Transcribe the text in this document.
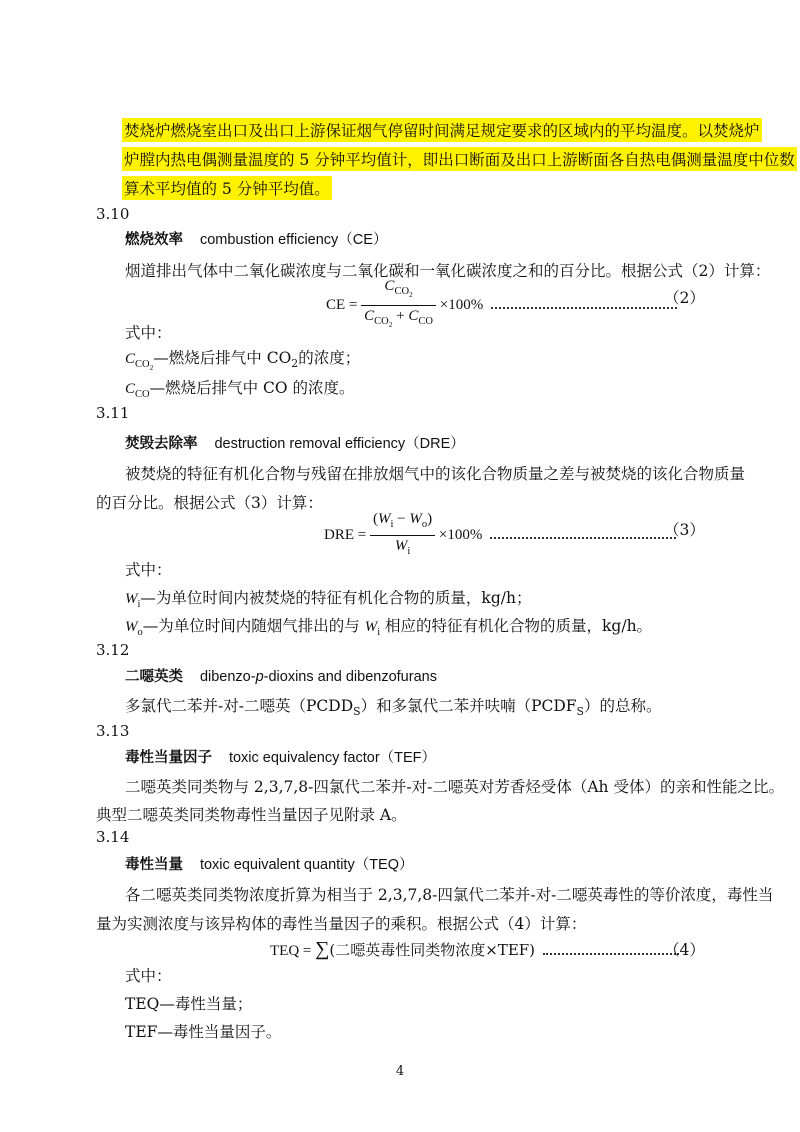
焚烧炉燃烧室出口及出口上游保证烟气停留时间满足规定要求的区域内的平均温度。以焚烧炉
炉膛内热电偶测量温度的 5 分钟平均值计，即出口断面及出口上游断面各自热电偶测量温度中位数
算术平均值的 5 分钟平均值。
3.10
燃烧效率 combustion efficiency（CE）
烟道排出气体中二氧化碳浓度与二氧化碳和一氧化碳浓度之和的百分比。根据公式（2）计算：
CE = $\frac{C_{CO_2}}{C_{CO_2} + C_{CO}} \times 100\%$	（2）
式中：
$C_{CO_2}—$燃烧后排气中 $CO_2$的浓度；
$C_{CO}—$燃烧后排气中 CO 的浓度。
3.11
焚毁去除率 destruction removal efficiency（DRE）
被焚烧的特征有机化合物与残留在排放烟气中的该化合物质量之差与被焚烧的该化合物质量
的百分比。根据公式（3）计算：
DRE = $\frac{(W_i - W_o)}{W_i} \times 100\%$	（3）
式中：
$W_i—$为单位时间内被焚烧的特征有机化合物的质量，kg/h；
$W_o—$为单位时间内随烟气排出的与 $W_i$ 相应的特征有机化合物的质量，kg/h。
3.12
二噁英类 dibenzo-p-dioxins and dibenzofurans
多氯代二苯并-对-二噁英$(PCDD_S)$和多氯代二苯并呋喃$(PCDF_S)$的总称。
3.13
毒性当量因子 toxic equivalency factor（TEF）
二噁英类同类物与 2,3,7,8-四氯代二苯并-对-二噁英对芳香烃受体（Ah 受体）的亲和性能之比。
典型二噁英类同类物毒性当量因子见附录 A。
3.14
毒性当量 toxic equivalent quantity（TEQ）
各二噁英类同类物浓度折算为相当于 2,3,7,8-四氯代二苯并-对-二噁英毒性的等价浓度，毒性当
量为实测浓度与该异构体的毒性当量因子的乘积。根据公式（4）计算：
TEQ = ∑(二噁英毒性同类物浓度×TEF)	（4）
式中：
TEQ—毒性当量；
TEF—毒性当量因子。
4
